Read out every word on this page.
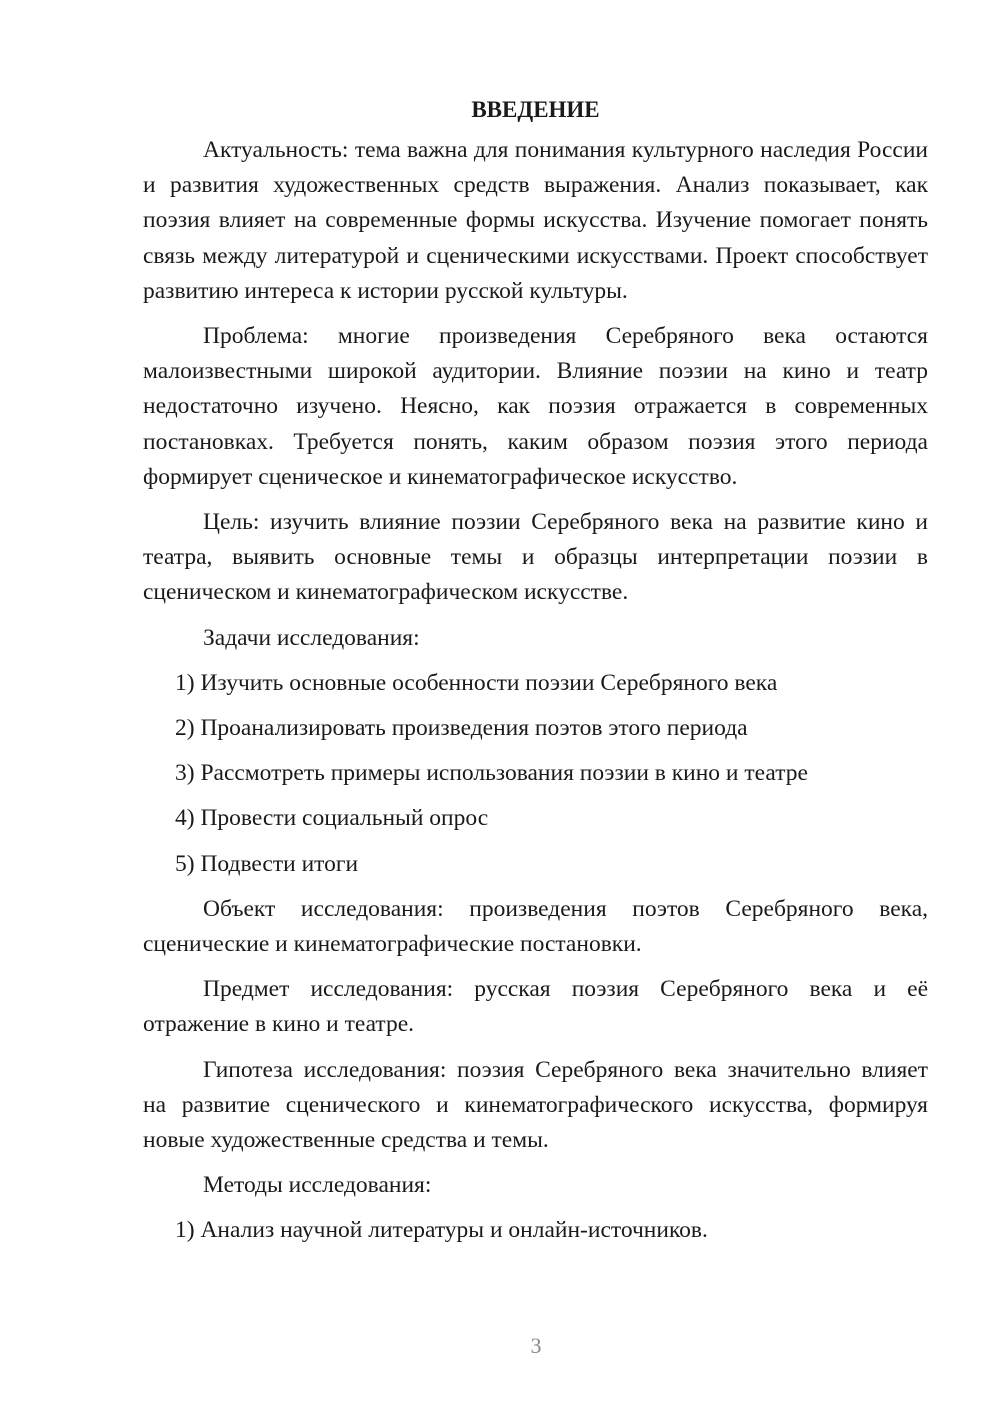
ВВЕДЕНИЕ

Актуальность: тема важна для понимания культурного наследия России и развития художественных средств выражения. Анализ показывает, как поэзия влияет на современные формы искусства. Изучение помогает понять связь между литературой и сценическими искусствами. Проект способствует развитию интереса к истории русской культуры.

Проблема: многие произведения Серебряного века остаются малоизвестными широкой аудитории. Влияние поэзии на кино и театр недостаточно изучено. Неясно, как поэзия отражается в современных постановках. Требуется понять, каким образом поэзия этого периода формирует сценическое и кинематографическое искусство.

Цель: изучить влияние поэзии Серебряного века на развитие кино и театра, выявить основные темы и образцы интерпретации поэзии в сценическом и кинематографическом искусстве.

Задачи исследования:
1) Изучить основные особенности поэзии Серебряного века
2) Проанализировать произведения поэтов этого периода
3) Рассмотреть примеры использования поэзии в кино и театре
4) Провести социальный опрос
5) Подвести итоги

Объект исследования: произведения поэтов Серебряного века, сценические и кинематографические постановки.

Предмет исследования: русская поэзия Серебряного века и её отражение в кино и театре.

Гипотеза исследования: поэзия Серебряного века значительно влияет на развитие сценического и кинематографического искусства, формируя новые художественные средства и темы.

Методы исследования:
1) Анализ научной литературы и онлайн-источников.
3
